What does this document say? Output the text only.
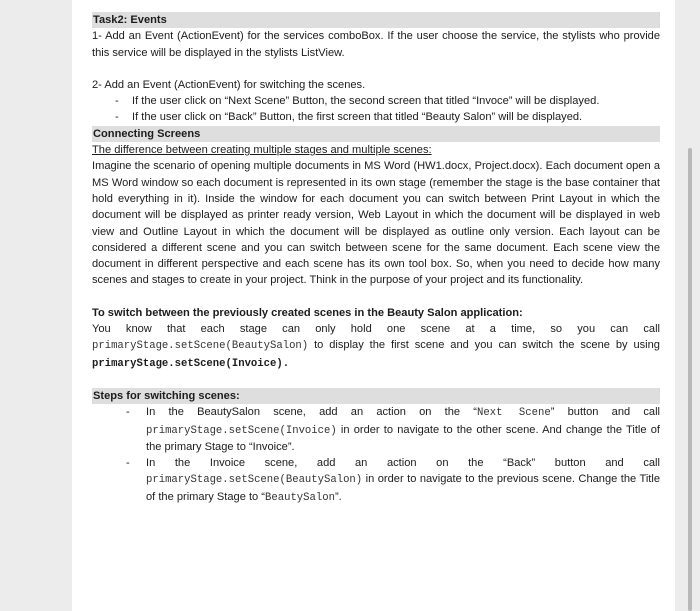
Task2: Events
1- Add an Event (ActionEvent) for the services comboBox. If the user choose the service, the stylists who provide this service will be displayed in the stylists ListView.
2- Add an Event (ActionEvent) for switching the scenes.
- If the user click on “Next Scene” Button, the second screen that titled “Invoce” will be displayed.
- If the user click on “Back” Button, the first screen that titled “Beauty Salon” will be displayed.
Connecting Screens
The difference between creating multiple stages and multiple scenes:
Imagine the scenario of opening multiple documents in MS Word (HW1.docx, Project.docx). Each document open a MS Word window so each document is represented in its own stage (remember the stage is the base container that hold everything in it). Inside the window for each document you can switch between Print Layout in which the document will be displayed as printer ready version, Web Layout in which the document will be displayed in web view and Outline Layout in which the document will be displayed as outline only version. Each layout can be considered a different scene and you can switch between scene for the same document. Each scene view the document in different perspective and each scene has its own tool box. So, when you need to decide how many scenes and stages to create in your project. Think in the purpose of your project and its functionality.
To switch between the previously created scenes in the Beauty Salon application:
You know that each stage can only hold one scene at a time, so you can call primaryStage.setScene(BeautySalon) to display the first scene and you can switch the scene by using primaryStage.setScene(Invoice).
Steps for switching scenes:
- In the BeautySalon scene, add an action on the “Next Scene” button and call primaryStage.setScene(Invoice) in order to navigate to the other scene. And change the Title of the primary Stage to “Invoice”.
- In the Invoice scene, add an action on the “Back” button and call primaryStage.setScene(BeautySalon) in order to navigate to the previous scene. Change the Title of the primary Stage to “BeautySalon”.
